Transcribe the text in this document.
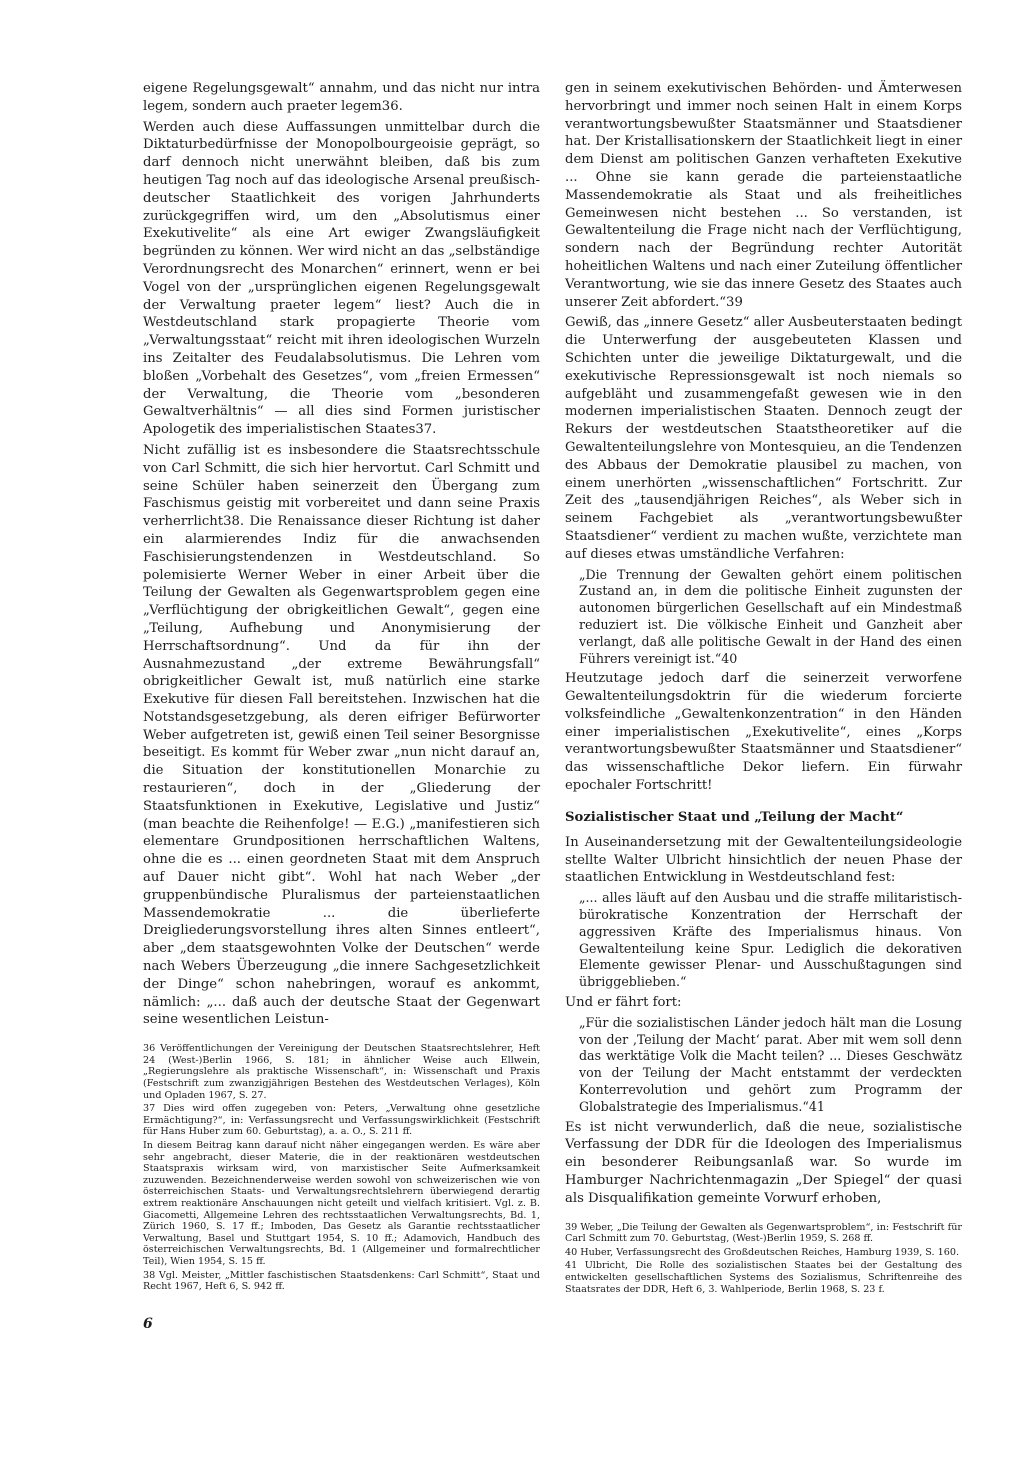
eigene Regelungsgewalt“ annahm, und das nicht nur intra legem, sondern auch praeter legem36.

Werden auch diese Auffassungen unmittelbar durch die Diktaturbedürfnisse der Monopolbourgeoisie geprägt, so darf dennoch nicht unerwähnt bleiben, daß bis zum heutigen Tag noch auf das ideologische Arsenal preußisch-deutscher Staatlichkeit des vorigen Jahrhunderts zurückgegriffen wird, um den „Absolutismus einer Exekutivelite“ als eine Art ewiger Zwangsläufigkeit begründen zu können. Wer wird nicht an das „selbständige Verordnungsrecht des Monarchen“ erinnert, wenn er bei Vogel von der „ursprünglichen eigenen Regelungsgewalt der Verwaltung praeter legem“ liest? Auch die in Westdeutschland stark propagierte Theorie vom „Verwaltungsstaat“ reicht mit ihren ideologischen Wurzeln ins Zeitalter des Feudalabsolutismus. Die Lehren vom bloßen „Vorbehalt des Gesetzes“, vom „freien Ermessen“ der Verwaltung, die Theorie vom „besonderen Gewaltverhältnis“ — all dies sind Formen juristischer Apologetik des imperialistischen Staates37.

Nicht zufällig ist es insbesondere die Staatsrechtsschule von Carl Schmitt, die sich hier hervortut. Carl Schmitt und seine Schüler haben seinerzeit den Übergang zum Faschismus geistig mit vorbereitet und dann seine Praxis verherrlicht38. Die Renaissance dieser Richtung ist daher ein alarmierendes Indiz für die anwachsenden Faschisierungstendenzen in Westdeutschland. So polemisierte Werner Weber in einer Arbeit über die Teilung der Gewalten als Gegenwartsproblem gegen eine „Verflüchtigung der obrigkeitlichen Gewalt“, gegen eine „Teilung, Aufhebung und Anonymisierung der Herrschaftsordnung“. Und da für ihn der Ausnahmezustand „der extreme Bewährungsfall“ obrigkeitlicher Gewalt ist, muß natürlich eine starke Exekutive für diesen Fall bereitstehen. Inzwischen hat die Notstandsgesetzgebung, als deren eifriger Befürworter Weber aufgetreten ist, gewiß einen Teil seiner Besorgnisse beseitigt. Es kommt für Weber zwar „nun nicht darauf an, die Situation der konstitutionellen Monarchie zu restaurieren“, doch in der „Gliederung der Staatsfunktionen in Exekutive, Legislative und Justiz“ (man beachte die Reihenfolge! — E.G.) „manifestieren sich elementare Grundpositionen herrschaftlichen Waltens, ohne die es ... einen geordneten Staat mit dem Anspruch auf Dauer nicht gibt“. Wohl hat nach Weber „der gruppenbündische Pluralismus der parteienstaatlichen Massendemokratie ... die überlieferte Dreigliederungsvorstellung ihres alten Sinnes entleert“, aber „dem staatsgewohnten Volke der Deutschen“ werde nach Webers Überzeugung „die innere Sachgesetzlichkeit der Dinge“ schon nahebringen, worauf es ankommt, nämlich: „... daß auch der deutsche Staat der Gegenwart seine wesentlichen Leistun-

36 Veröffentlichungen der Vereinigung der Deutschen Staatsrechtslehrer, Heft 24 (West-)Berlin 1966, S. 181; in ähnlicher Weise auch Ellwein, „Regierungslehre als praktische Wissenschaft“, in: Wissenschaft und Praxis (Festschrift zum zwanzigjährigen Bestehen des Westdeutschen Verlages), Köln und Opladen 1967, S. 27.

37 Dies wird offen zugegeben von: Peters, „Verwaltung ohne gesetzliche Ermächtigung?“, in: Verfassungsrecht und Verfassungswirklichkeit (Festschrift für Hans Huber zum 60. Geburtstag), a. a. O., S. 211 ff.

In diesem Beitrag kann darauf nicht näher eingegangen werden. Es wäre aber sehr angebracht, dieser Materie, die in der reaktionären westdeutschen Staatspraxis wirksam wird, von marxistischer Seite Aufmerksamkeit zuzuwenden. Bezeichnenderweise werden sowohl von schweizerischen wie von österreichischen Staats- und Verwaltungsrechtslehrern überwiegend derartig extrem reaktionäre Anschauungen nicht geteilt und vielfach kritisiert. Vgl. z. B. Giacometti, Allgemeine Lehren des rechtsstaatlichen Verwaltungsrechts, Bd. 1, Zürich 1960, S. 17 ff.; Imboden, Das Gesetz als Garantie rechtsstaatlicher Verwaltung, Basel und Stuttgart 1954, S. 10 ff.; Adamovich, Handbuch des österreichischen Verwaltungsrechts, Bd. 1 (Allgemeiner und formalrechtlicher Teil), Wien 1954, S. 15 ff.

38 Vgl. Meister, „Mittler faschistischen Staatsdenkens: Carl Schmitt“, Staat und Recht 1967, Heft 6, S. 942 ff.

gen in seinem exekutivischen Behörden- und Ämterwesen hervorbringt und immer noch seinen Halt in einem Korps verantwortungsbewußter Staatsmänner und Staatsdiener hat. Der Kristallisationskern der Staatlichkeit liegt in einer dem Dienst am politischen Ganzen verhafteten Exekutive ... Ohne sie kann gerade die parteienstaatliche Massendemokratie als Staat und als freiheitliches Gemeinwesen nicht bestehen ... So verstanden, ist Gewaltenteilung die Frage nicht nach der Verflüchtigung, sondern nach der Begründung rechter Autorität hoheitlichen Waltens und nach einer Zuteilung öffentlicher Verantwortung, wie sie das innere Gesetz des Staates auch unserer Zeit abfordert.“39

Gewiß, das „innere Gesetz“ aller Ausbeuterstaaten bedingt die Unterwerfung der ausgebeuteten Klassen und Schichten unter die jeweilige Diktaturgewalt, und die exekutivische Repressionsgewalt ist noch niemals so aufgebläht und zusammengefaßt gewesen wie in den modernen imperialistischen Staaten. Dennoch zeugt der Rekurs der westdeutschen Staatstheoretiker auf die Gewaltenteilungslehre von Montesquieu, an die Tendenzen des Abbaus der Demokratie plausibel zu machen, von einem unerhörten „wissenschaftlichen“ Fortschritt. Zur Zeit des „tausendjährigen Reiches“, als Weber sich in seinem Fachgebiet als „verantwortungsbewußter Staatsdiener“ verdient zu machen wußte, verzichtete man auf dieses etwas umständliche Verfahren:

„Die Trennung der Gewalten gehört einem politischen Zustand an, in dem die politische Einheit zugunsten der autonomen bürgerlichen Gesellschaft auf ein Mindestmaß reduziert ist. Die völkische Einheit und Ganzheit aber verlangt, daß alle politische Gewalt in der Hand des einen Führers vereinigt ist.“40

Heutzutage jedoch darf die seinerzeit verworfene Gewaltenteilungsdoktrin für die wiederum forcierte volksfeindliche „Gewaltenkonzentration“ in den Händen einer imperialistischen „Exekutivelite“, eines „Korps verantwortungsbewußter Staatsmänner und Staatsdiener“ das wissenschaftliche Dekor liefern. Ein fürwahr epochaler Fortschritt!

Sozialistischer Staat und „Teilung der Macht“

In Auseinandersetzung mit der Gewaltenteilungsideologie stellte Walter Ulbricht hinsichtlich der neuen Phase der staatlichen Entwicklung in Westdeutschland fest:

„... alles läuft auf den Ausbau und die straffe militaristisch-bürokratische Konzentration der Herrschaft der aggressiven Kräfte des Imperialismus hinaus. Von Gewaltenteilung keine Spur. Lediglich die dekorativen Elemente gewisser Plenar- und Ausschußtagungen sind übriggeblieben.“

Und er fährt fort:

„Für die sozialistischen Länder jedoch hält man die Losung von der ‚Teilung der Macht‘ parat. Aber mit wem soll denn das werktätige Volk die Macht teilen? ... Dieses Geschwätz von der Teilung der Macht entstammt der verdeckten Konterrevolution und gehört zum Programm der Globalstrategie des Imperialismus.“41

Es ist nicht verwunderlich, daß die neue, sozialistische Verfassung der DDR für die Ideologen des Imperialismus ein besonderer Reibungsanlaß war. So wurde im Hamburger Nachrichtenmagazin „Der Spiegel“ der quasi als Disqualifikation gemeinte Vorwurf erhoben,

39 Weber, „Die Teilung der Gewalten als Gegenwartsproblem“, in: Festschrift für Carl Schmitt zum 70. Geburtstag, (West-)Berlin 1959, S. 268 ff.

40 Huber, Verfassungsrecht des Großdeutschen Reiches, Hamburg 1939, S. 160.

41 Ulbricht, Die Rolle des sozialistischen Staates bei der Gestaltung des entwickelten gesellschaftlichen Systems des Sozialismus, Schriftenreihe des Staatsrates der DDR, Heft 6, 3. Wahlperiode, Berlin 1968, S. 23 f.

6
